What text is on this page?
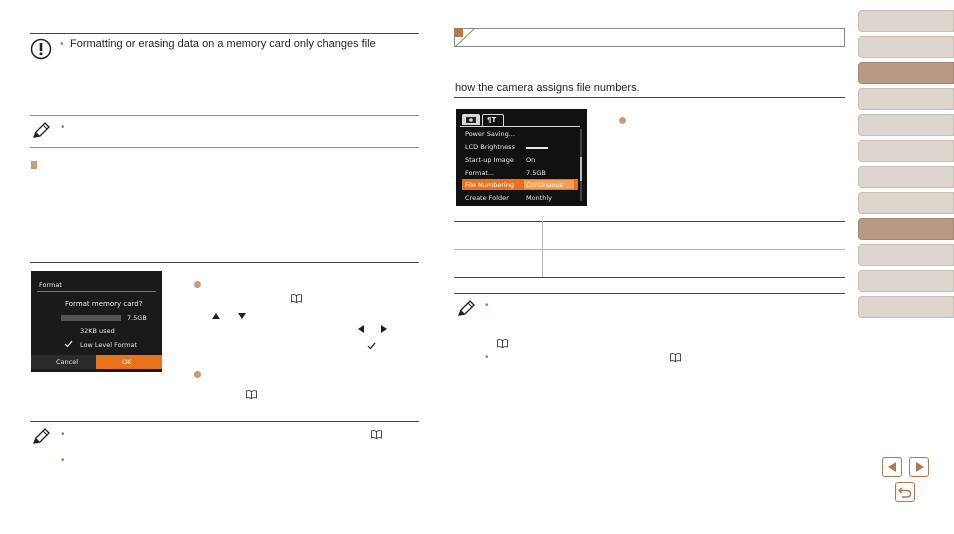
• Formatting or erasing data on a memory card only changes file
•
Format
Format memory card?
7.5GB
32KB used
Low Level Format
Cancel	OK
•
•
how the camera assigns file numbers.
¶T
Power Saving...
LCD Brightness
Start-up Image On
Format...	7.5GB
File Numbering Continuous
Create Folder	Monthly
•
•
